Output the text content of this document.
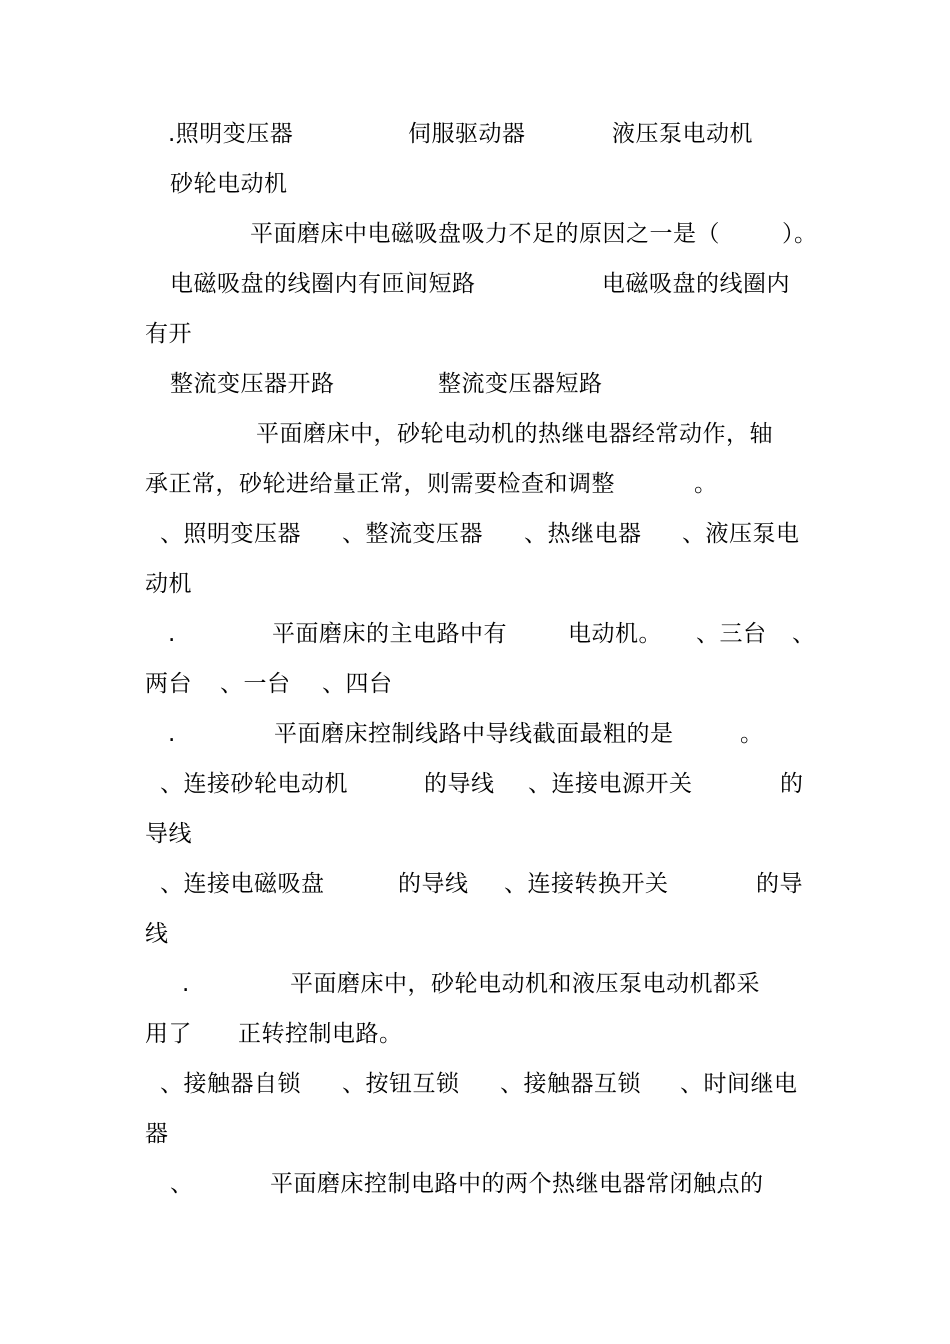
.照明变压器	伺服驱动器	液压泵电动机
砂轮电动机
平面磨床中电磁吸盘吸力不足的原因之一是（	）。
电磁吸盘的线圈内有匝间短路	电磁吸盘的线圈内
有开
整流变压器开路	整流变压器短路
平面磨床中，砂轮电动机的热继电器经常动作，轴
承正常，砂轮进给量正常，则需要检查和调整	。
、照明变压器 、整流变压器 、热继电器 、液压泵电
动机
.	平面磨床的主电路中有	电动机。 、三台 、
两台 、一台 、四台
.	平面磨床控制线路中导线截面最粗的是	。
、连接砂轮电动机	的导线 、连接电源开关	的
导线
、连接电磁吸盘	的导线 、连接转换开关	的导
线
.	平面磨床中，砂轮电动机和液压泵电动机都采
用了 正转控制电路。
、接触器自锁 、按钮互锁 、接触器互锁 、时间继电
器
、	平面磨床控制电路中的两个热继电器常闭触点的
